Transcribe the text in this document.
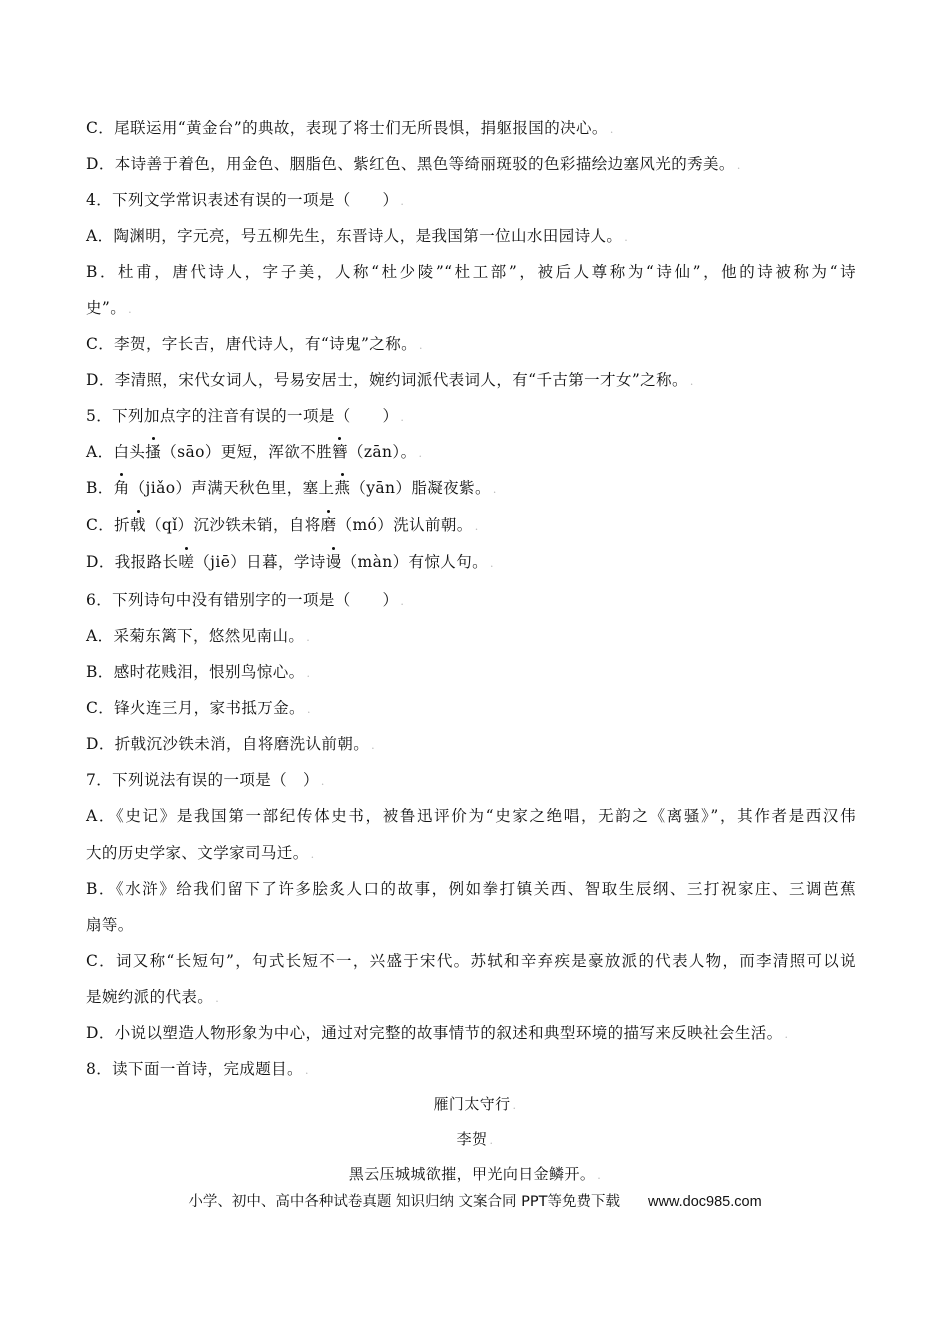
C．尾联运用“黄金台”的典故，表现了将士们无所畏惧，捐躯报国的决心。 .
D．本诗善于着色，用金色、胭脂色、紫红色、黑色等绮丽斑驳的色彩描绘边塞风光的秀美。 .
4．下列文学常识表述有误的一项是（　　） .
A．陶渊明，字元亮，号五柳先生，东晋诗人，是我国第一位山水田园诗人。 .
B．杜甫，唐代诗人，字子美，人称“杜少陵”“杜工部”，被后人尊称为“诗仙”，他的诗被称为“诗
史”。 .
C．李贺，字长吉，唐代诗人，有“诗鬼”之称。 .
D．李清照，宋代女词人，号易安居士，婉约词派代表词人，有“千古第一才女”之称。 .
5．下列加点字的注音有误的一项是（　　） .
A．白头搔（sāo）更短，浑欲不胜簪（zān）。 .
B．角（jiǎo）声满天秋色里，塞上燕（yān）脂凝夜紫。 .
C．折戟（qǐ）沉沙铁未销，自将磨（mó）洗认前朝。 .
D．我报路长嗟（jiē）日暮，学诗谩（màn）有惊人句。 .
6．下列诗句中没有错别字的一项是（　　） .
A．采菊东篱下，悠然见南山。 .
B．感时花贱泪，恨别鸟惊心。 .
C．锋火连三月，家书抵万金。 .
D．折戟沉沙铁未消，自将磨洗认前朝。 .
7．下列说法有误的一项是（　） .
A．《史记》是我国第一部纪传体史书，被鲁迅评价为“史家之绝唱，无韵之《离骚》”，其作者是西汉伟
大的历史学家、文学家司马迁。 .
B．《水浒》给我们留下了许多脍炙人口的故事，例如拳打镇关西、智取生辰纲、三打祝家庄、三调芭蕉
扇等。
C．词又称“长短句”，句式长短不一，兴盛于宋代。苏轼和辛弃疾是豪放派的代表人物，而李清照可以说
是婉约派的代表。 .
D．小说以塑造人物形象为中心，通过对完整的故事情节的叙述和典型环境的描写来反映社会生活。 .
8．读下面一首诗，完成题目。 .
雁门太守行 .
李贺 .
黑云压城城欲摧，甲光向日金鳞开。 .
小学、初中、高中各种试卷真题 知识归纳 文案合同 PPT等免费下载 www.doc985.com
